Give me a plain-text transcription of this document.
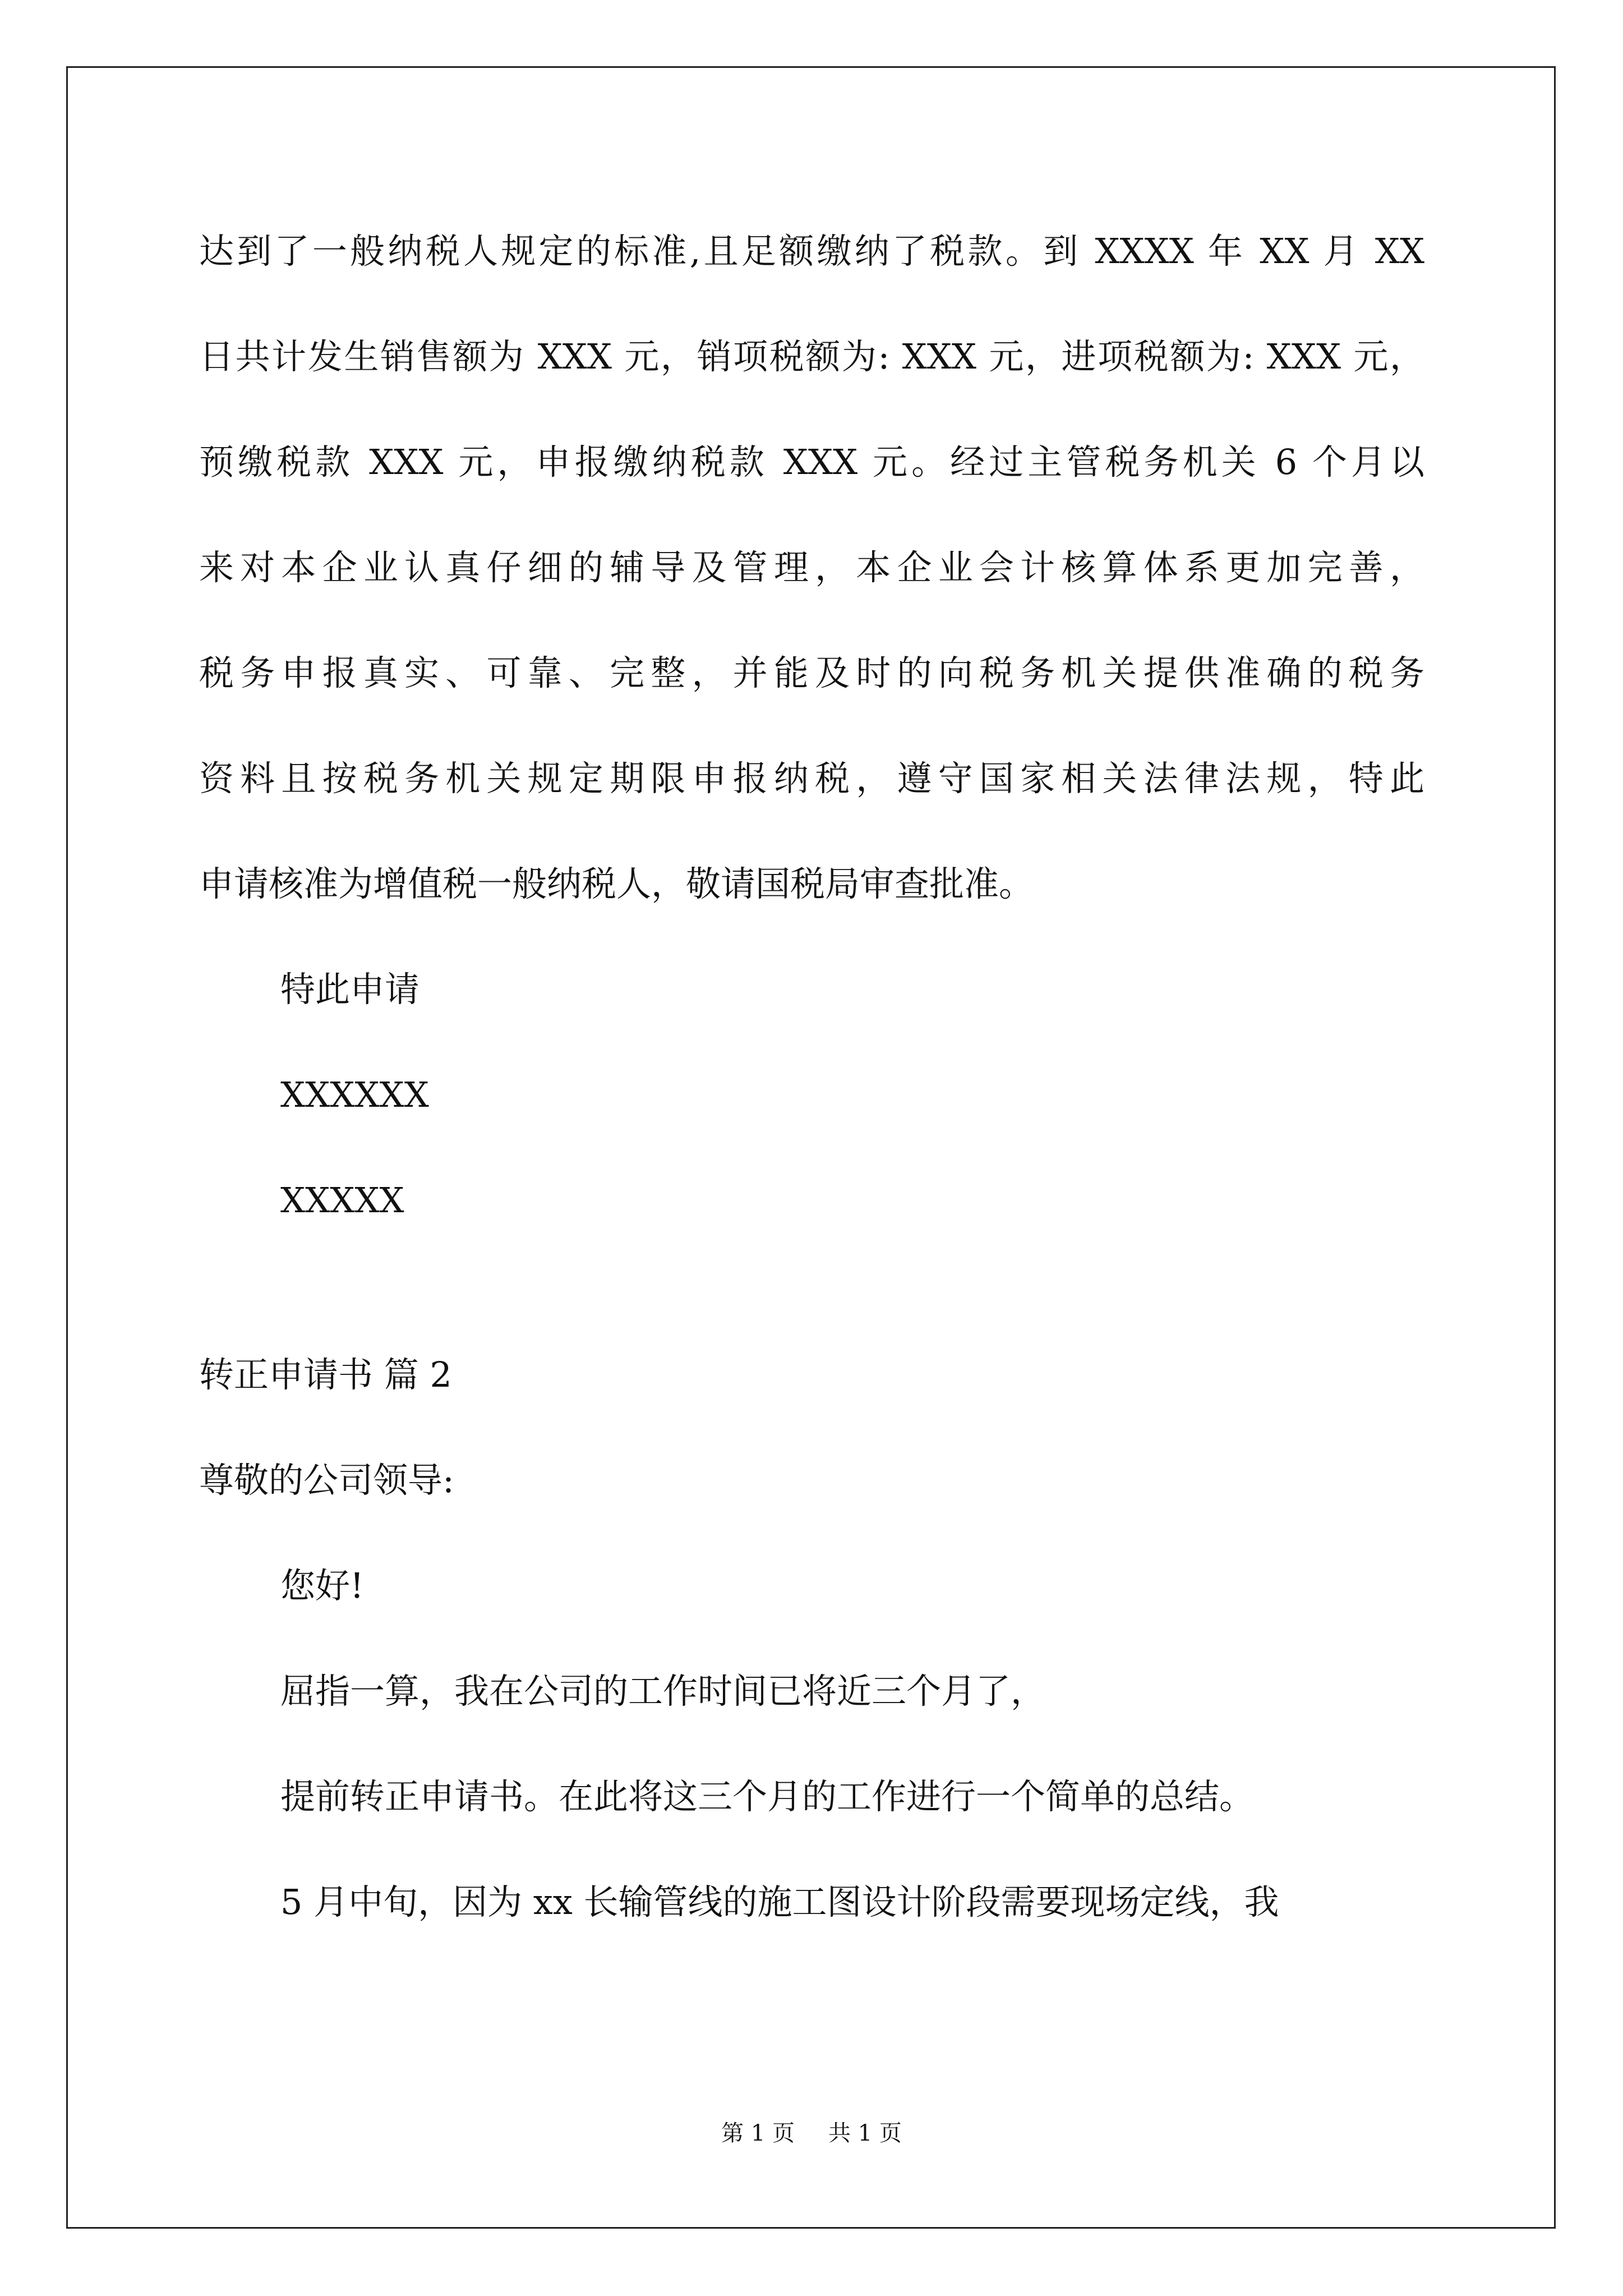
达到了一般纳税人规定的标准,且足额缴纳了税款。到 XXXX 年 XX 月 XX
日共计发生销售额为 XXX 元，销项税额为: XXX 元，进项税额为: XXX 元，
预缴税款 XXX 元，申报缴纳税款 XXX 元。经过主管税务机关 6 个月以
来对本企业认真仔细的辅导及管理，本企业会计核算体系更加完善，
税务申报真实、可靠、完整，并能及时的向税务机关提供准确的税务
资料且按税务机关规定期限申报纳税，遵守国家相关法律法规，特此
申请核准为增值税一般纳税人，敬请国税局审查批准。
特此申请
XXXXXX
XXXXX
转正申请书 篇 2
尊敬的公司领导:
您好!
屈指一算，我在公司的工作时间已将近三个月了，
提前转正申请书。在此将这三个月的工作进行一个简单的总结。
5 月中旬，因为 xx 长输管线的施工图设计阶段需要现场定线，我
第 1 页 共 1 页
